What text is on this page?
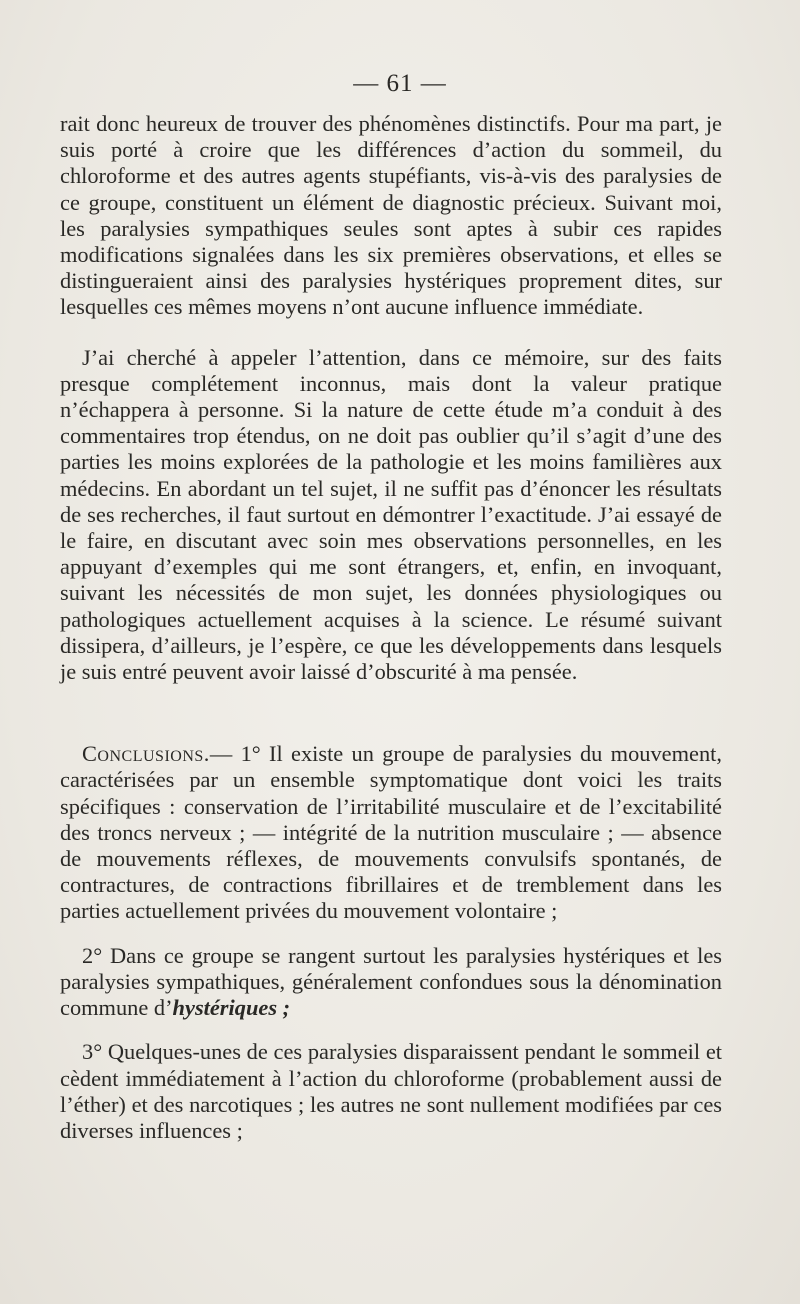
— 61 —

rait donc heureux de trouver des phénomènes distinctifs. Pour ma part, je suis porté à croire que les différences d’action du sommeil, du chloroforme et des autres agents stupéfiants, vis-à-vis des paralysies de ce groupe, constituent un élément de diagnostic précieux. Suivant moi, les paralysies sympathiques seules sont aptes à subir ces rapides modifications signalées dans les six premières observations, et elles se distingueraient ainsi des paralysies hystériques proprement dites, sur lesquelles ces mêmes moyens n’ont aucune influence immédiate.

J’ai cherché à appeler l’attention, dans ce mémoire, sur des faits presque complétement inconnus, mais dont la valeur pratique n’échappera à personne. Si la nature de cette étude m’a conduit à des commentaires trop étendus, on ne doit pas oublier qu’il s’agit d’une des parties les moins explorées de la pathologie et les moins familières aux médecins. En abordant un tel sujet, il ne suffit pas d’énoncer les résultats de ses recherches, il faut surtout en démontrer l’exactitude. J’ai essayé de le faire, en discutant avec soin mes observations personnelles, en les appuyant d’exemples qui me sont étrangers, et, enfin, en invoquant, suivant les nécessités de mon sujet, les données physiologiques ou pathologiques actuellement acquises à la science. Le résumé suivant dissipera, d’ailleurs, je l’espère, ce que les développements dans lesquels je suis entré peuvent avoir laissé d’obscurité à ma pensée.

Conclusions.— 1° Il existe un groupe de paralysies du mouvement, caractérisées par un ensemble symptomatique dont voici les traits spécifiques : conservation de l’irritabilité musculaire et de l’excitabilité des troncs nerveux ; — intégrité de la nutrition musculaire ; — absence de mouvements réflexes, de mouvements convulsifs spontanés, de contractures, de contractions fibrillaires et de tremblement dans les parties actuellement privées du mouvement volontaire ;

2° Dans ce groupe se rangent surtout les paralysies hystériques et les paralysies sympathiques, généralement confondues sous la dénomination commune d’hystériques ;

3° Quelques-unes de ces paralysies disparaissent pendant le sommeil et cèdent immédiatement à l’action du chloroforme (probablement aussi de l’éther) et des narcotiques ; les autres ne sont nullement modifiées par ces diverses influences ;
